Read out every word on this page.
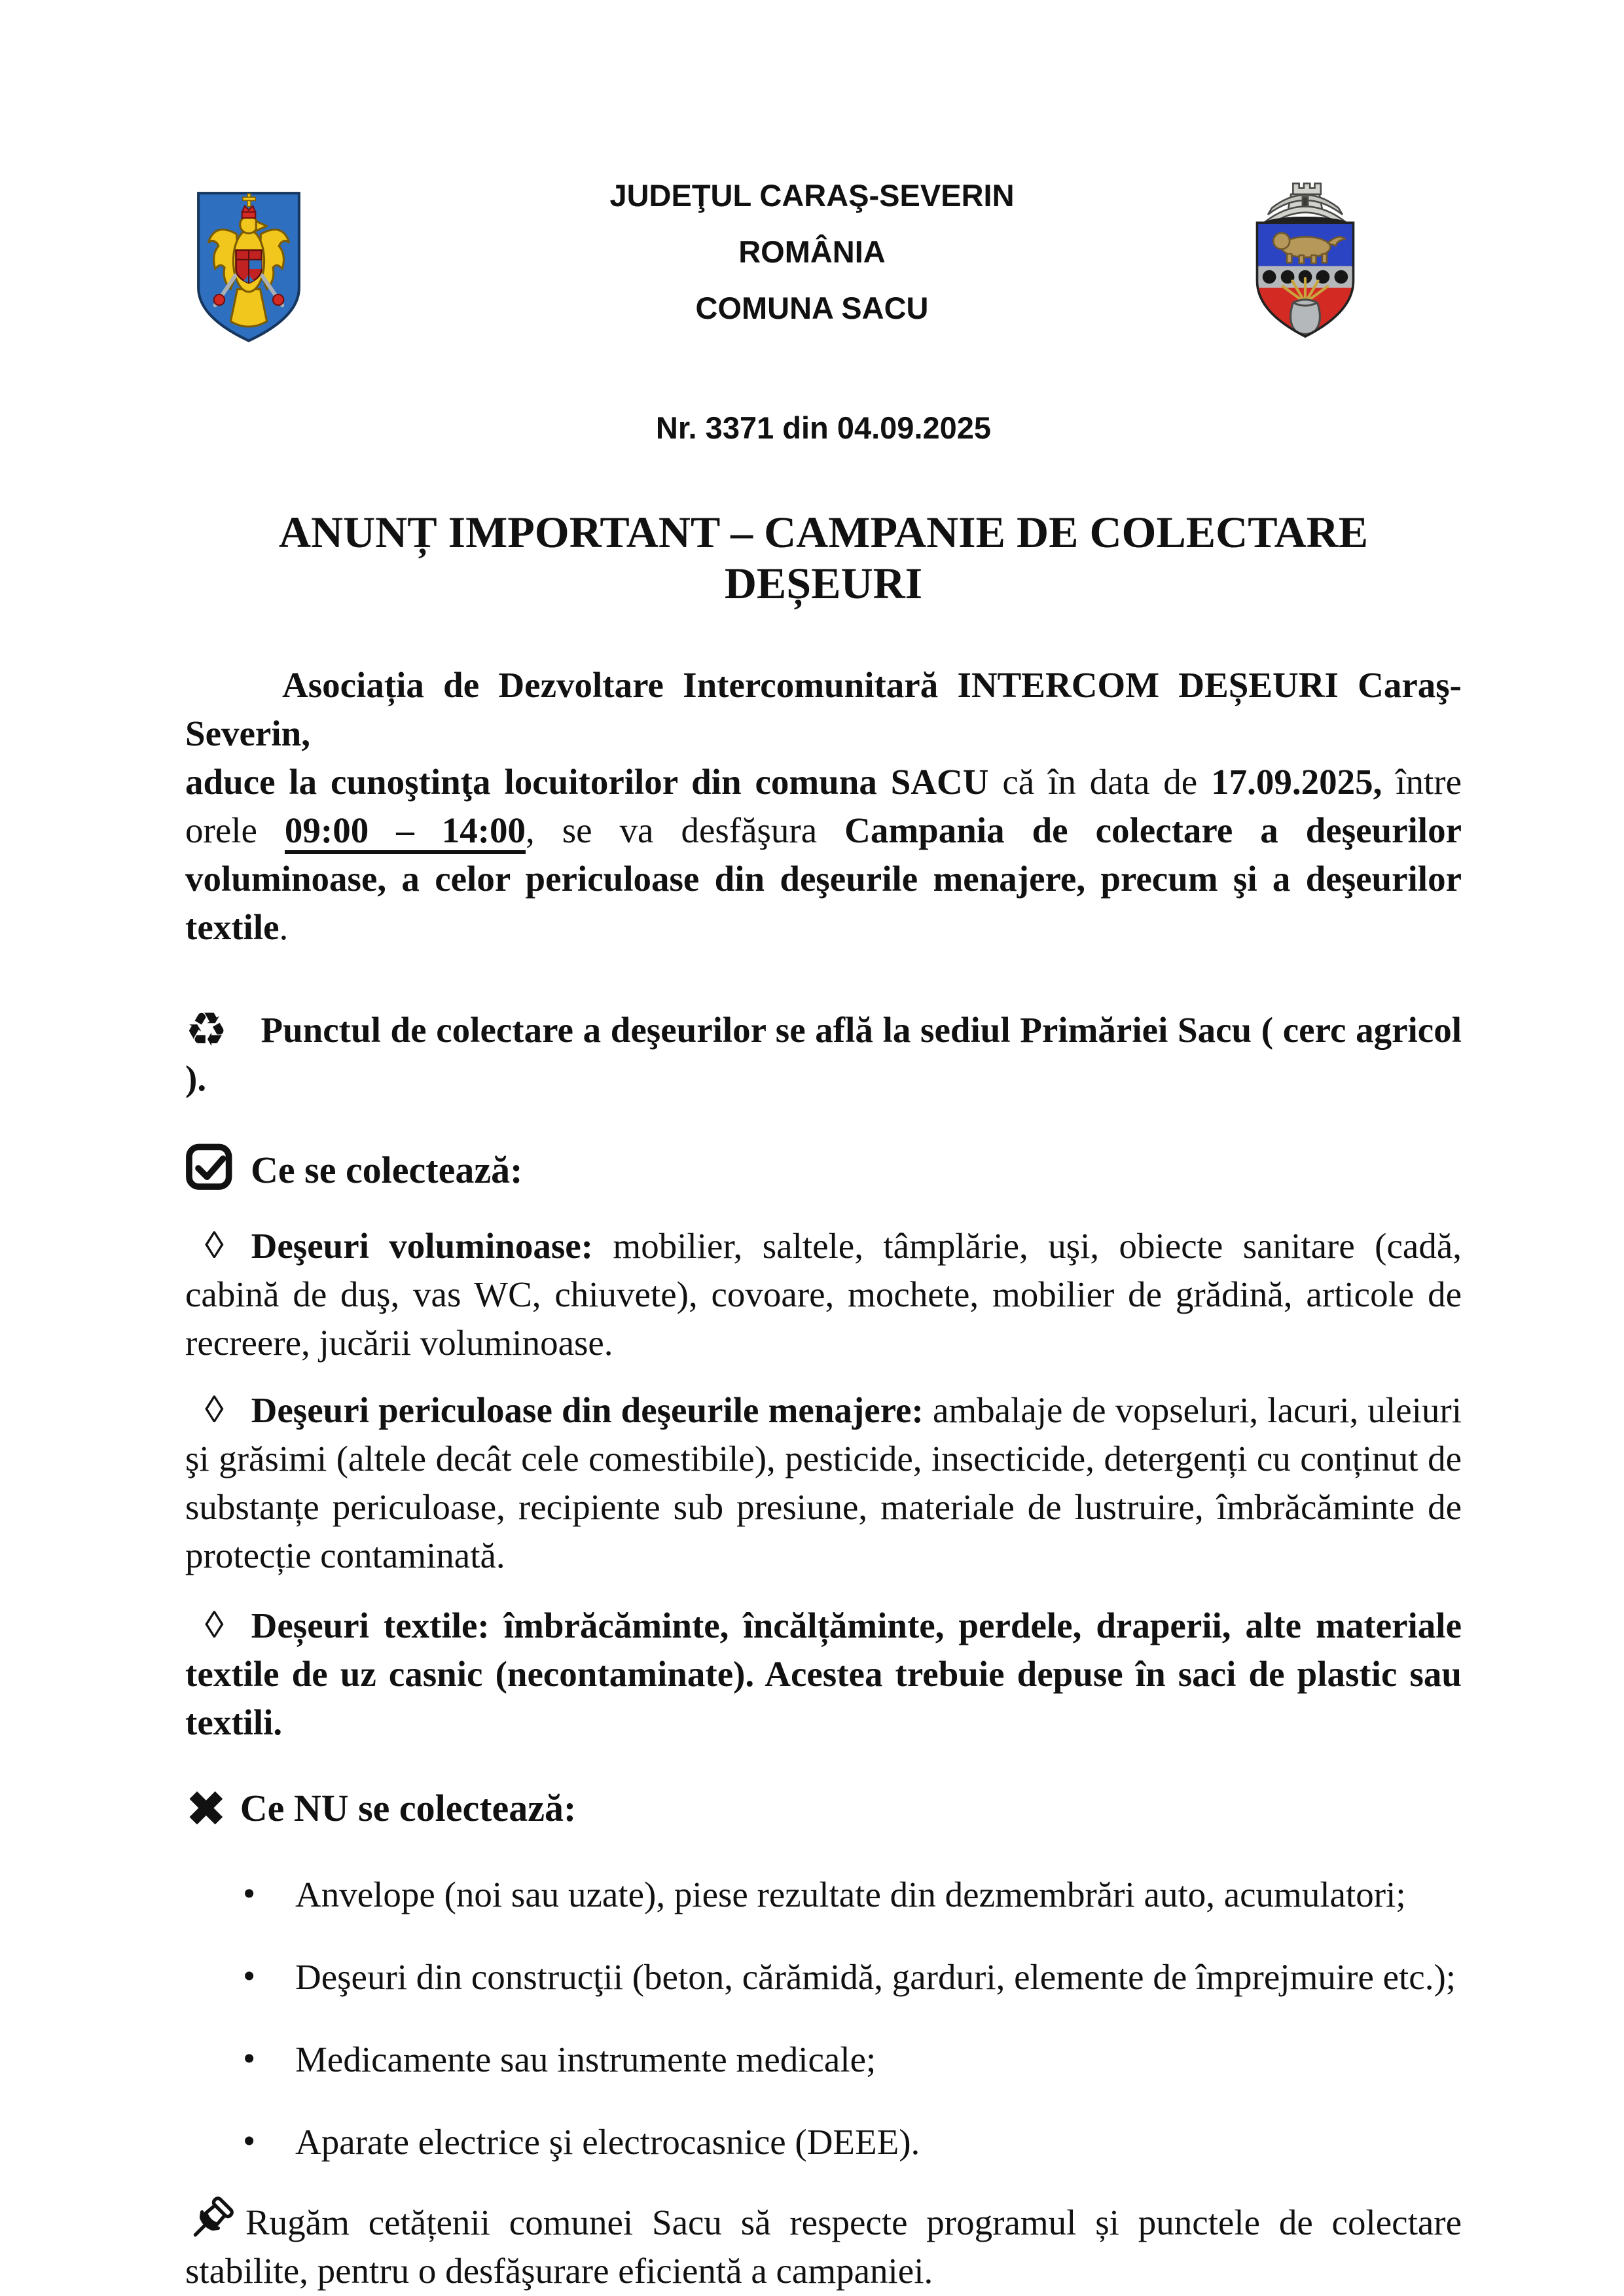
JUDEŢUL CARAŞ-SEVERIN
ROMÂNIA
COMUNA SACU
Nr. 3371 din 04.09.2025
ANUNȚ IMPORTANT – CAMPANIE DE COLECTARE DEȘEURI

Asociația de Dezvoltare Intercomunitară INTERCOM DEȘEURI Caraş-Severin,
aduce la cunoştinţa locuitorilor din comuna SACU că în data de 17.09.2025, între orele 09:00 – 14:00, se va desfăşura Campania de colectare a deşeurilor voluminoase, a celor periculoase din deşeurile menajere, precum şi a deşeurilor textile.

♻ Punctul de colectare a deşeurilor se află la sediul Primăriei Sacu ( cerc agricol ).

Ce se colectează:

◊ Deşeuri voluminoase: mobilier, saltele, tâmplărie, uşi, obiecte sanitare (cadă, cabină de duş, vas WC, chiuvete), covoare, mochete, mobilier de grădină, articole de recreere, jucării voluminoase.

◊ Deşeuri periculoase din deşeurile menajere: ambalaje de vopseluri, lacuri, uleiuri şi grăsimi (altele decât cele comestibile), pesticide, insecticide, detergenți cu conținut de substanțe periculoase, recipiente sub presiune, materiale de lustruire, îmbrăcăminte de protecție contaminată.

◊ Deșeuri textile: îmbrăcăminte, încălțăminte, perdele, draperii, alte materiale textile de uz casnic (necontaminate). Acestea trebuie depuse în saci de plastic sau textili.

✖ Ce NU se colectează:
• Anvelope (noi sau uzate), piese rezultate din dezmembrări auto, acumulatori;
• Deşeuri din construcţii (beton, cărămidă, garduri, elemente de împrejmuire etc.);
• Medicamente sau instrumente medicale;
• Aparate electrice şi electrocasnice (DEEE).

Rugăm cetățenii comunei Sacu să respecte programul și punctele de colectare stabilite, pentru o desfăşurare eficientă a campaniei.
